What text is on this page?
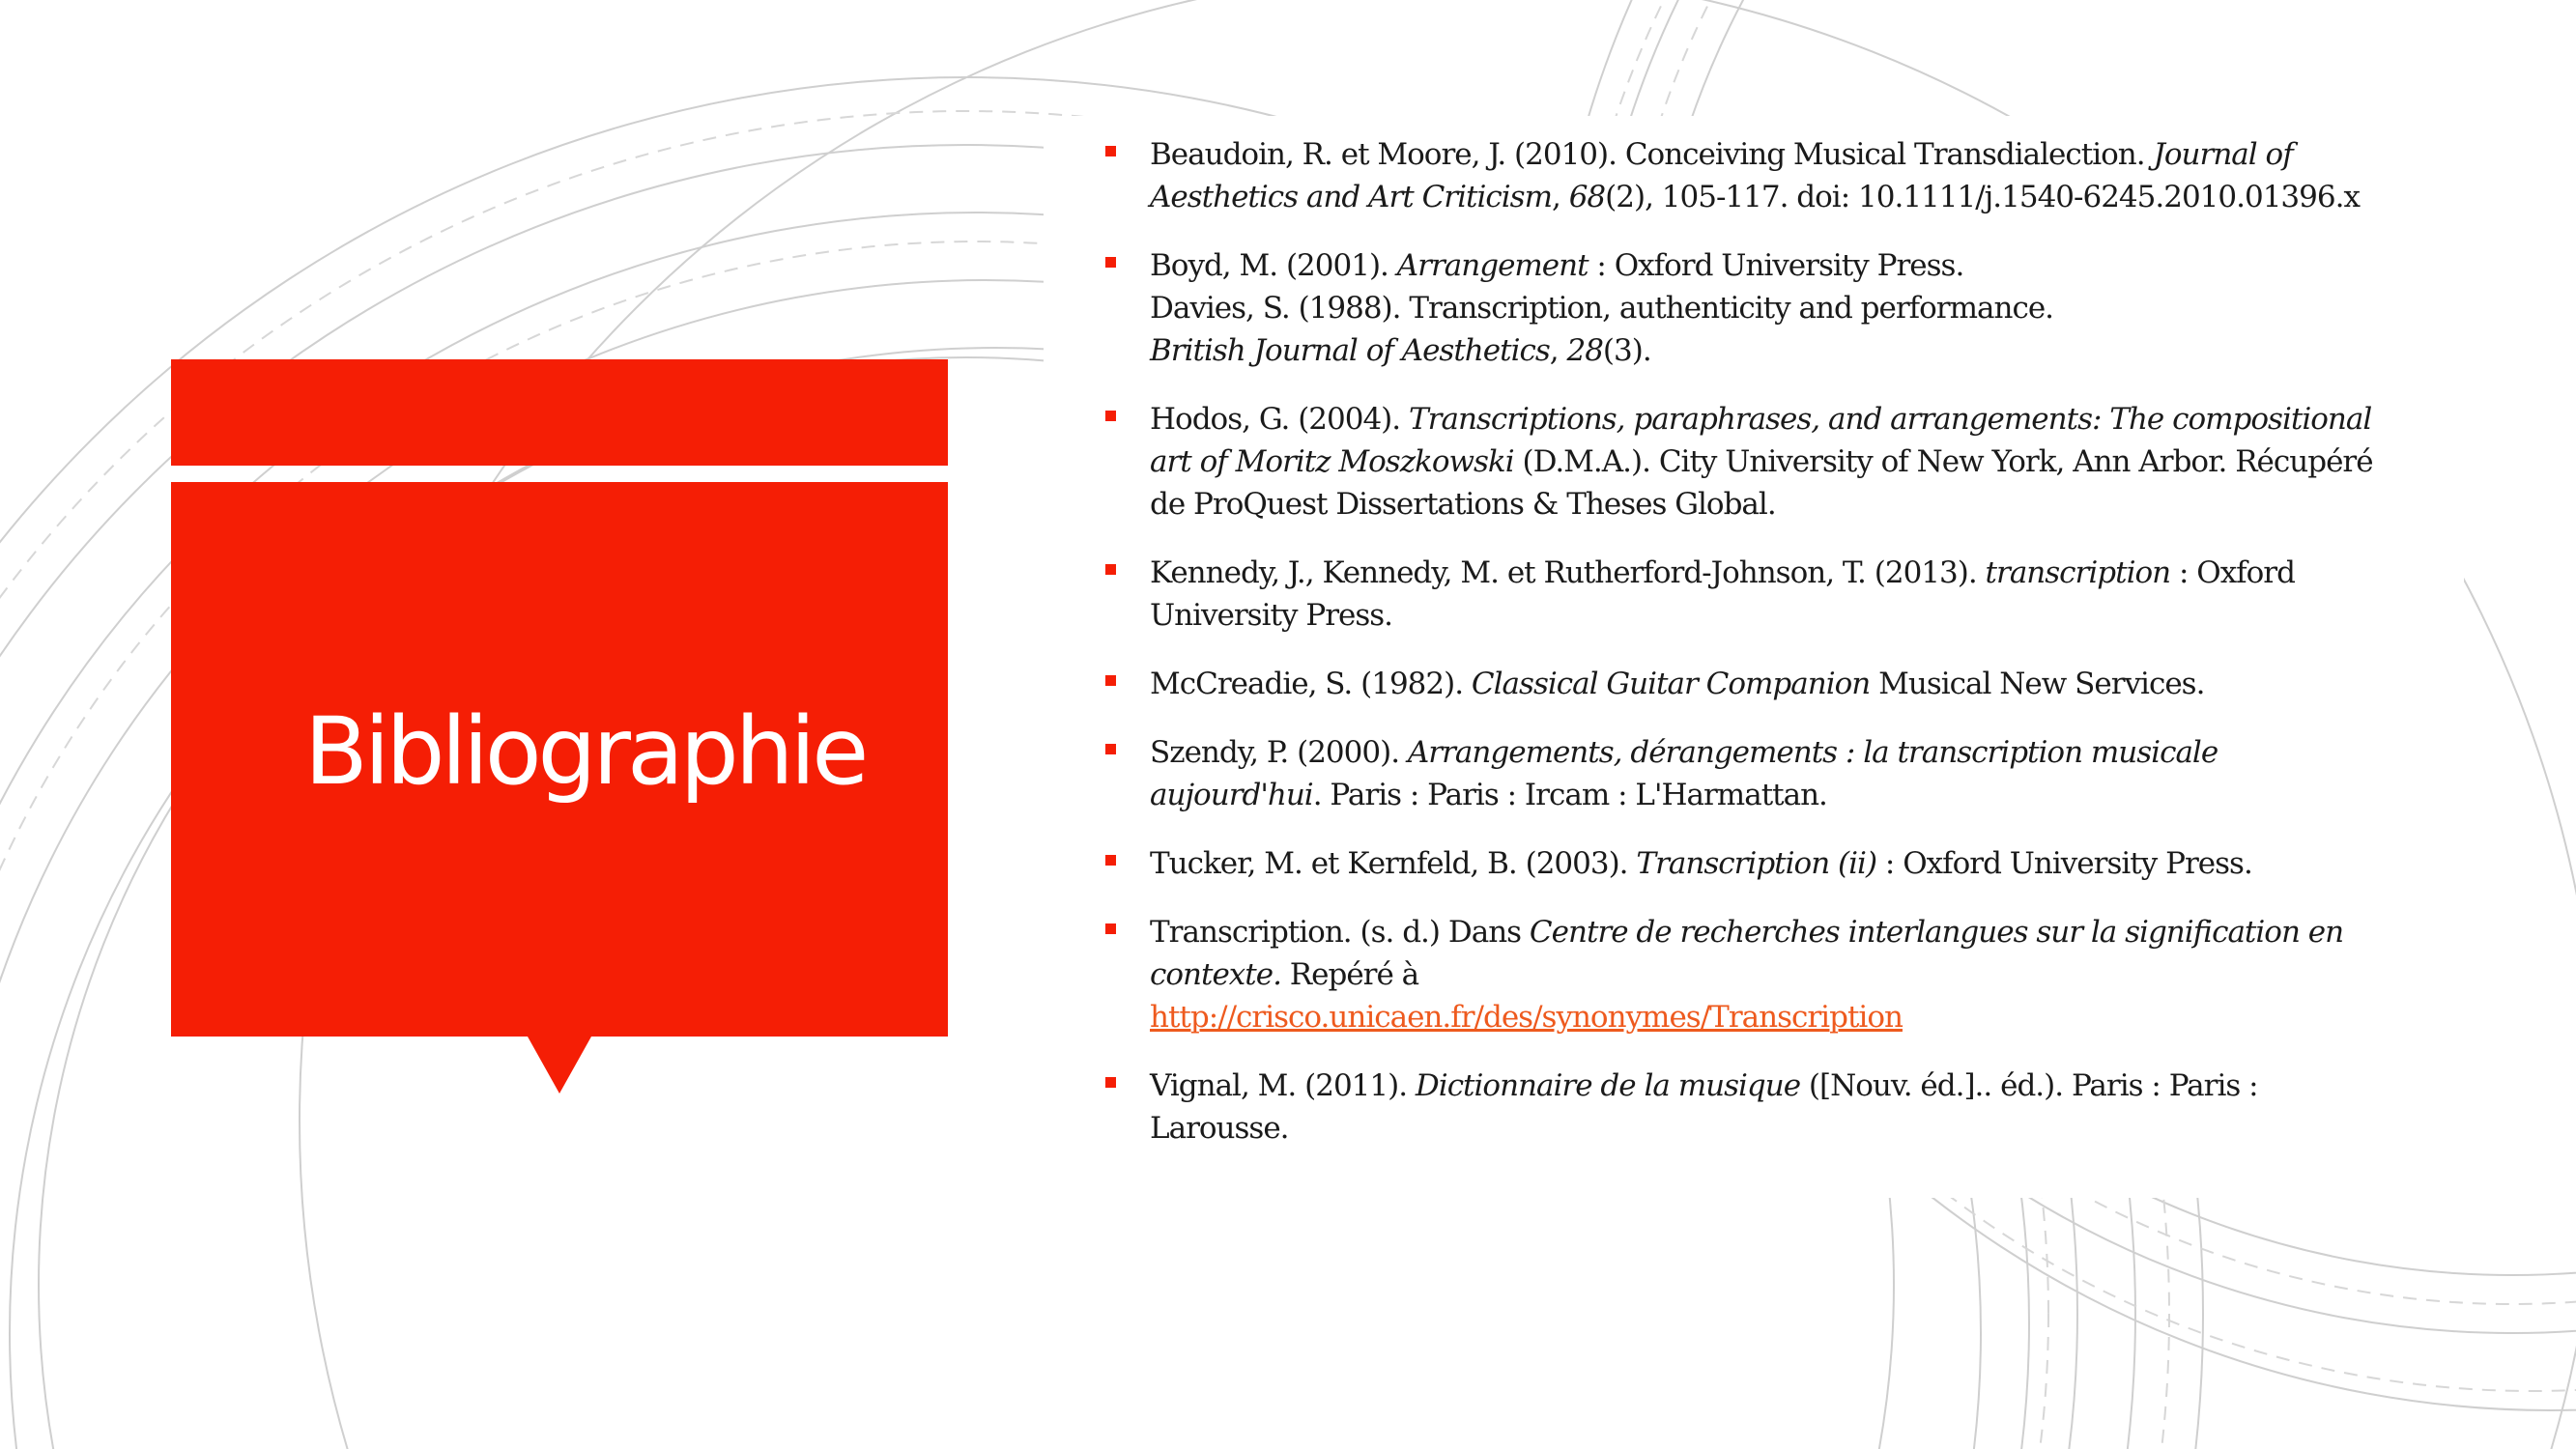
Bibliographie
Beaudoin, R. et Moore, J. (2010). Conceiving Musical Transdialection. Journal of Aesthetics and Art Criticism, 68(2), 105-117. doi: 10.1111/j.1540-6245.2010.01396.x
Boyd, M. (2001). Arrangement : Oxford University Press.
Davies, S. (1988). Transcription, authenticity and performance.
British Journal of Aesthetics, 28(3).
Hodos, G. (2004). Transcriptions, paraphrases, and arrangements: The compositional art of Moritz Moszkowski (D.M.A.). City University of New York, Ann Arbor. Récupéré de ProQuest Dissertations & Theses Global.
Kennedy, J., Kennedy, M. et Rutherford-Johnson, T. (2013). transcription : Oxford University Press.
McCreadie, S. (1982). Classical Guitar Companion Musical New Services.
Szendy, P. (2000). Arrangements, dérangements : la transcription musicale aujourd'hui. Paris : Paris : Ircam : L'Harmattan.
Tucker, M. et Kernfeld, B. (2003). Transcription (ii) : Oxford University Press.
Transcription. (s. d.) Dans Centre de recherches interlangues sur la signification en contexte. Repéré à
http://crisco.unicaen.fr/des/synonymes/Transcription
Vignal, M. (2011). Dictionnaire de la musique ([Nouv. éd.].. éd.). Paris : Paris : Larousse.
